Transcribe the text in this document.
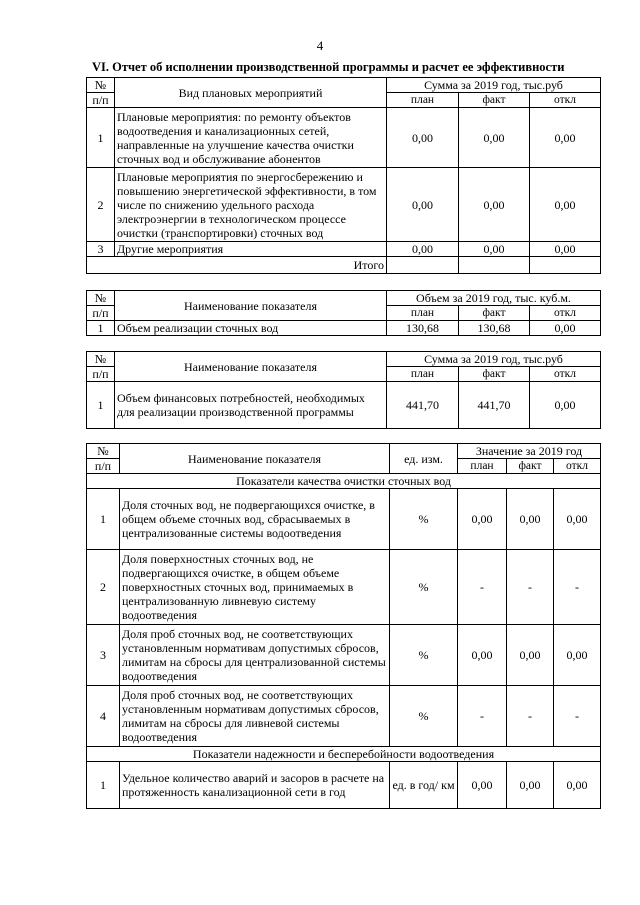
4
VI. Отчет об исполнении производственной программы и расчет ее эффективности
№	Вид плановых мероприятий	Сумма за 2019 год, тыс.руб		
п/п		план	факт	откл
1	Плановые мероприятия: по ремонту объектов водоотведения и канализационных сетей, направленные на улучшение качества очистки сточных вод и обслуживание абонентов	0,00	0,00	0,00
2	Плановые мероприятия по энергосбережению и повышению энергетической эффективности, в том числе по снижению удельного расхода электроэнергии в технологическом процессе очистки (транспортировки) сточных вод	0,00	0,00	0,00
3	Другие мероприятия	0,00	0,00	0,00
Итого				
№	Наименование показателя	Объем за 2019 год, тыс. куб.м.		
п/п		план	факт	откл
1	Объем реализации сточных вод	130,68	130,68	0,00
№	Наименование показателя	Сумма за 2019 год, тыс.руб		
п/п		план	факт	откл
1	Объем финансовых потребностей, необходимых для реализации производственной программы	441,70	441,70	0,00
№	Наименование показателя	ед. изм.	Значение за 2019 год		
п/п			план	факт	откл
Показатели качества очистки сточных вод					
1	Доля сточных вод, не подвергающихся очистке, в общем объеме сточных вод, сбрасываемых в централизованные системы водоотведения	%	0,00	0,00	0,00
2	Доля поверхностных сточных вод, не подвергающихся очистке, в общем объеме поверхностных сточных вод, принимаемых в централизованную ливневую систему водоотведения	%	-	-	-
3	Доля проб сточных вод, не соответствующих установленным нормативам допустимых сбросов, лимитам на сбросы для централизованной системы водоотведения	%	0,00	0,00	0,00
4	Доля проб сточных вод, не соответствующих установленным нормативам допустимых сбросов, лимитам на сбросы для ливневой системы водоотведения	%	-	-	-
Показатели надежности и бесперебойности водоотведения					
1	Удельное количество аварий и засоров в расчете на протяженность канализационной сети в год	ед. в год/ км	0,00	0,00	0,00
